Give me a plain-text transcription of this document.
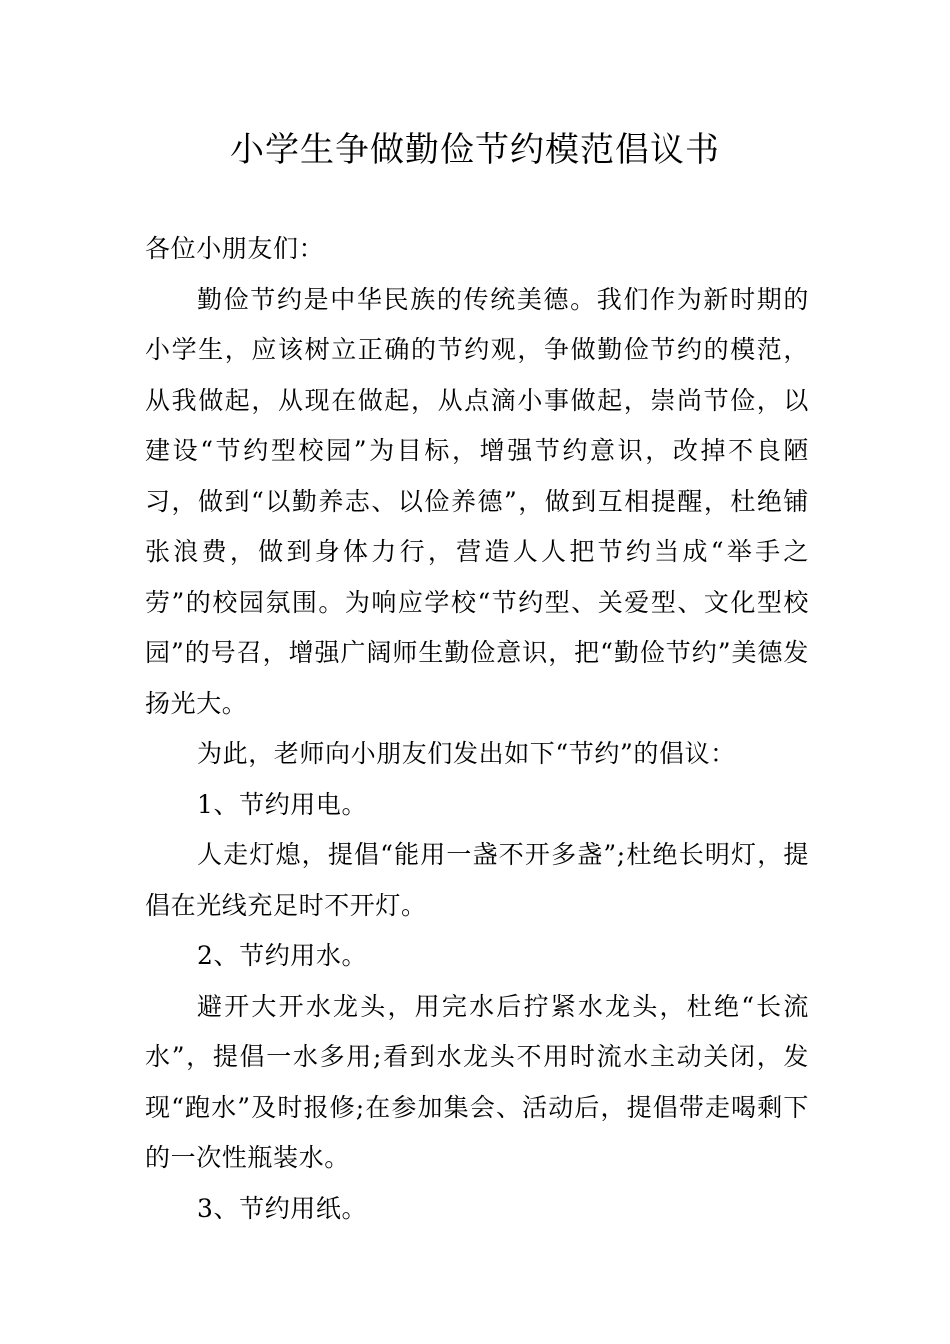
小学生争做勤俭节约模范倡议书

各位小朋友们：

勤俭节约是中华民族的传统美德。我们作为新时期的小学生，应该树立正确的节约观，争做勤俭节约的模范，从我做起，从现在做起，从点滴小事做起，崇尚节俭，以建设“节约型校园”为目标，增强节约意识，改掉不良陋习，做到“以勤养志、以俭养德”，做到互相提醒，杜绝铺张浪费，做到身体力行，营造人人把节约当成“举手之劳”的校园氛围。为响应学校“节约型、关爱型、文化型校园”的号召，增强广阔师生勤俭意识，把“勤俭节约”美德发扬光大。

为此，老师向小朋友们发出如下“节约”的倡议：

1、节约用电。

人走灯熄，提倡“能用一盏不开多盏”;杜绝长明灯，提倡在光线充足时不开灯。

2、节约用水。

避开大开水龙头，用完水后拧紧水龙头，杜绝“长流水”，提倡一水多用;看到水龙头不用时流水主动关闭，发现“跑水”及时报修;在参加集会、活动后，提倡带走喝剩下的一次性瓶装水。

3、节约用纸。
